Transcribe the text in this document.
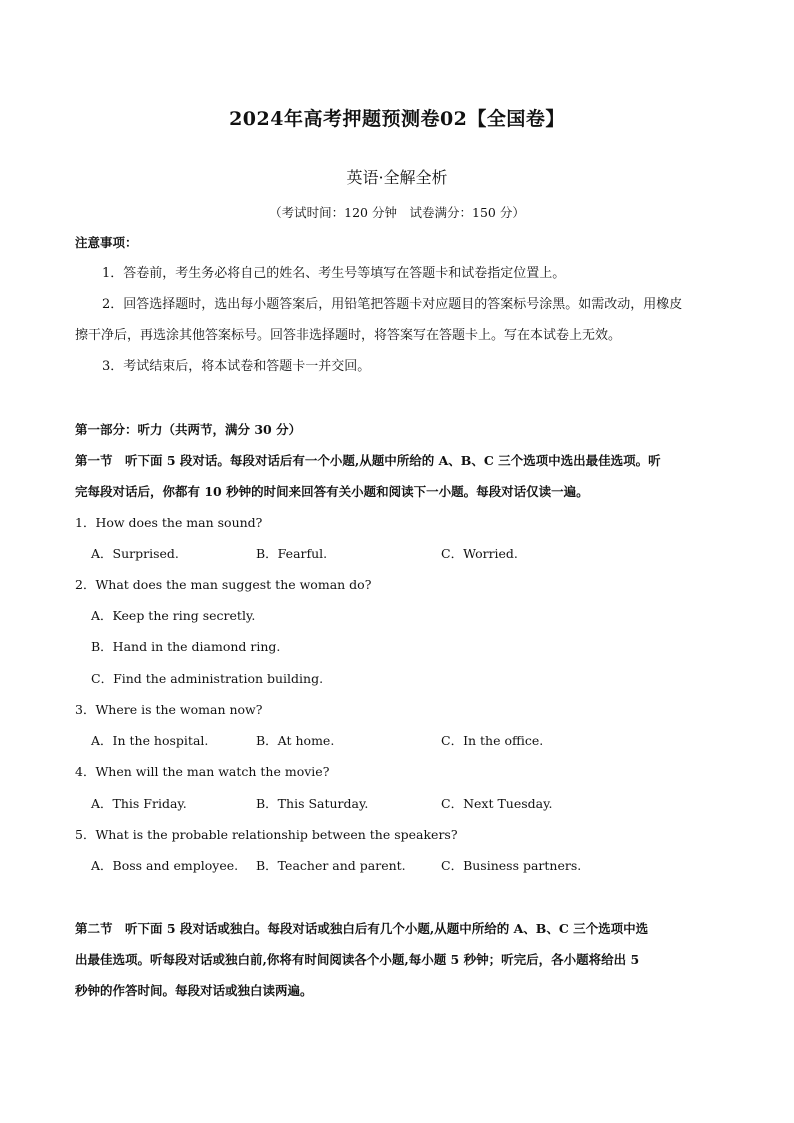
2024年高考押题预测卷02【全国卷】
英语·全解全析
（考试时间：120 分钟　试卷满分：150 分）
注意事项：
1．答卷前，考生务必将自己的姓名、考生号等填写在答题卡和试卷指定位置上。
2．回答选择题时，选出每小题答案后，用铅笔把答题卡对应题目的答案标号涂黑。如需改动，用橡皮
擦干净后，再选涂其他答案标号。回答非选择题时，将答案写在答题卡上。写在本试卷上无效。
3．考试结束后，将本试卷和答题卡一并交回。
第一部分：听力（共两节，满分 30 分）
第一节　听下面 5 段对话。每段对话后有一个小题,从题中所给的 A、B、C 三个选项中选出最佳选项。听
完每段对话后，你都有 10 秒钟的时间来回答有关小题和阅读下一小题。每段对话仅读一遍。
1．How does the man sound?
A．Surprised.	B．Fearful.	C．Worried.
2．What does the man suggest the woman do?
A．Keep the ring secretly.
B．Hand in the diamond ring.
C．Find the administration building.
3．Where is the woman now?
A．In the hospital.	B．At home.	C．In the office.
4．When will the man watch the movie?
A．This Friday.	B．This Saturday.	C．Next Tuesday.
5．What is the probable relationship between the speakers?
A．Boss and employee. B．Teacher and parent.	C．Business partners.
第二节　听下面 5 段对话或独白。每段对话或独白后有几个小题,从题中所给的 A、B、C 三个选项中选
出最佳选项。听每段对话或独白前,你将有时间阅读各个小题,每小题 5 秒钟；听完后，各小题将给出 5
秒钟的作答时间。每段对话或独白读两遍。
